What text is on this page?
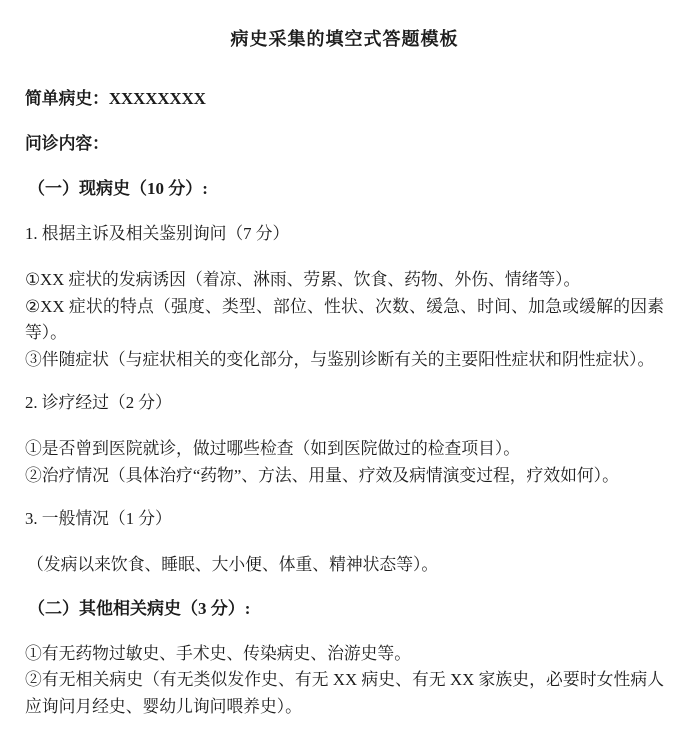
病史采集的填空式答题模板

简单病史：XXXXXXXX

问诊内容：

（一）现病史（10 分）:

1. 根据主诉及相关鉴别询问（7 分）

①XX 症状的发病诱因（着凉、淋雨、劳累、饮食、药物、外伤、情绪等）。

②XX 症状的特点（强度、类型、部位、性状、次数、缓急、时间、加急或缓解的因素等）。

③伴随症状（与症状相关的变化部分，与鉴别诊断有关的主要阳性症状和阴性症状）。

2. 诊疗经过（2 分）

①是否曾到医院就诊，做过哪些检查（如到医院做过的检查项目）。

②治疗情况（具体治疗“药物”、方法、用量、疗效及病情演变过程，疗效如何）。

3. 一般情况（1 分）

（发病以来饮食、睡眠、大小便、体重、精神状态等）。

（二）其他相关病史（3 分）:

①有无药物过敏史、手术史、传染病史、治游史等。

②有无相关病史（有无类似发作史、有无 XX 病史、有无 XX 家族史，必要时女性病人应询问月经史、婴幼儿询问喂养史）。
